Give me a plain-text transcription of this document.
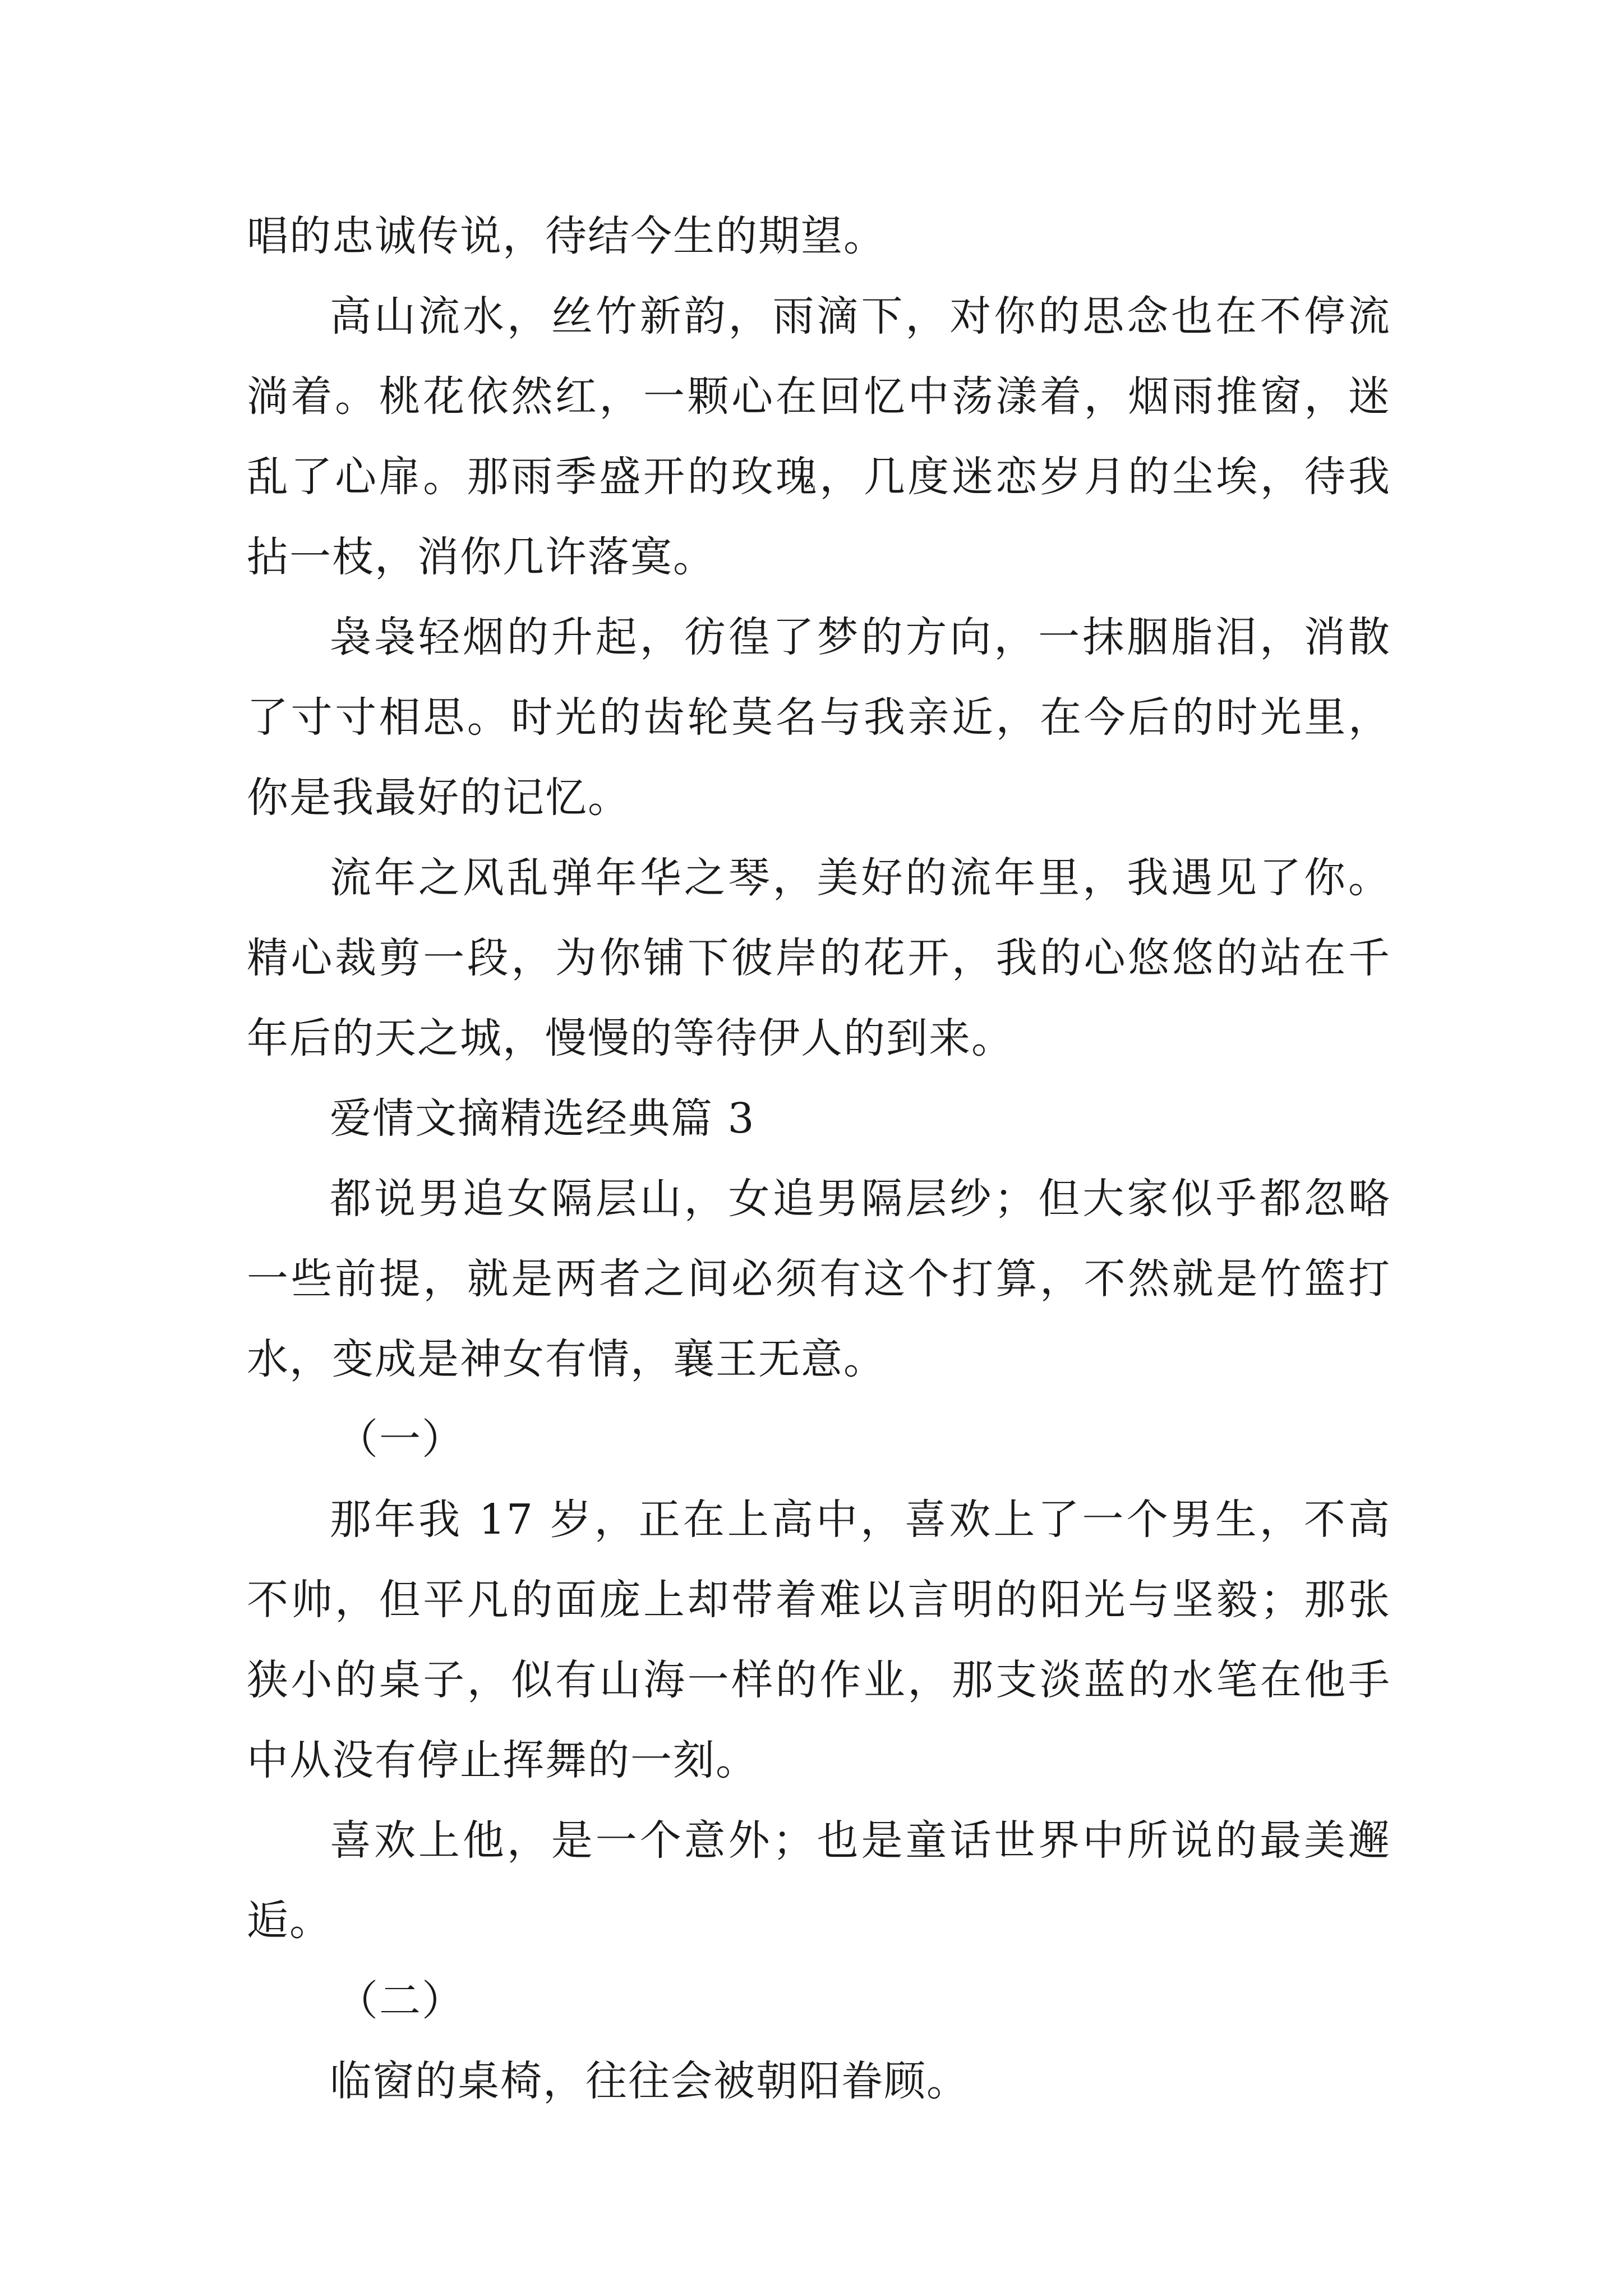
唱的忠诚传说，待结今生的期望。

高山流水，丝竹新韵，雨滴下，对你的思念也在不停流淌着。桃花依然红，一颗心在回忆中荡漾着，烟雨推窗，迷乱了心扉。那雨季盛开的玫瑰，几度迷恋岁月的尘埃，待我拈一枝，消你几许落寞。

袅袅轻烟的升起，彷徨了梦的方向，一抹胭脂泪，消散了寸寸相思。时光的齿轮莫名与我亲近，在今后的时光里，你是我最好的记忆。

流年之风乱弹年华之琴，美好的流年里，我遇见了你。精心裁剪一段，为你铺下彼岸的花开，我的心悠悠的站在千年后的天之城，慢慢的等待伊人的到来。

爱情文摘精选经典篇 3

都说男追女隔层山，女追男隔层纱；但大家似乎都忽略一些前提，就是两者之间必须有这个打算，不然就是竹篮打水，变成是神女有情，襄王无意。

（一）

那年我 17 岁，正在上高中，喜欢上了一个男生，不高不帅，但平凡的面庞上却带着难以言明的阳光与坚毅；那张狭小的桌子，似有山海一样的作业，那支淡蓝的水笔在他手中从没有停止挥舞的一刻。

喜欢上他，是一个意外；也是童话世界中所说的最美邂逅。

（二）

临窗的桌椅，往往会被朝阳眷顾。
